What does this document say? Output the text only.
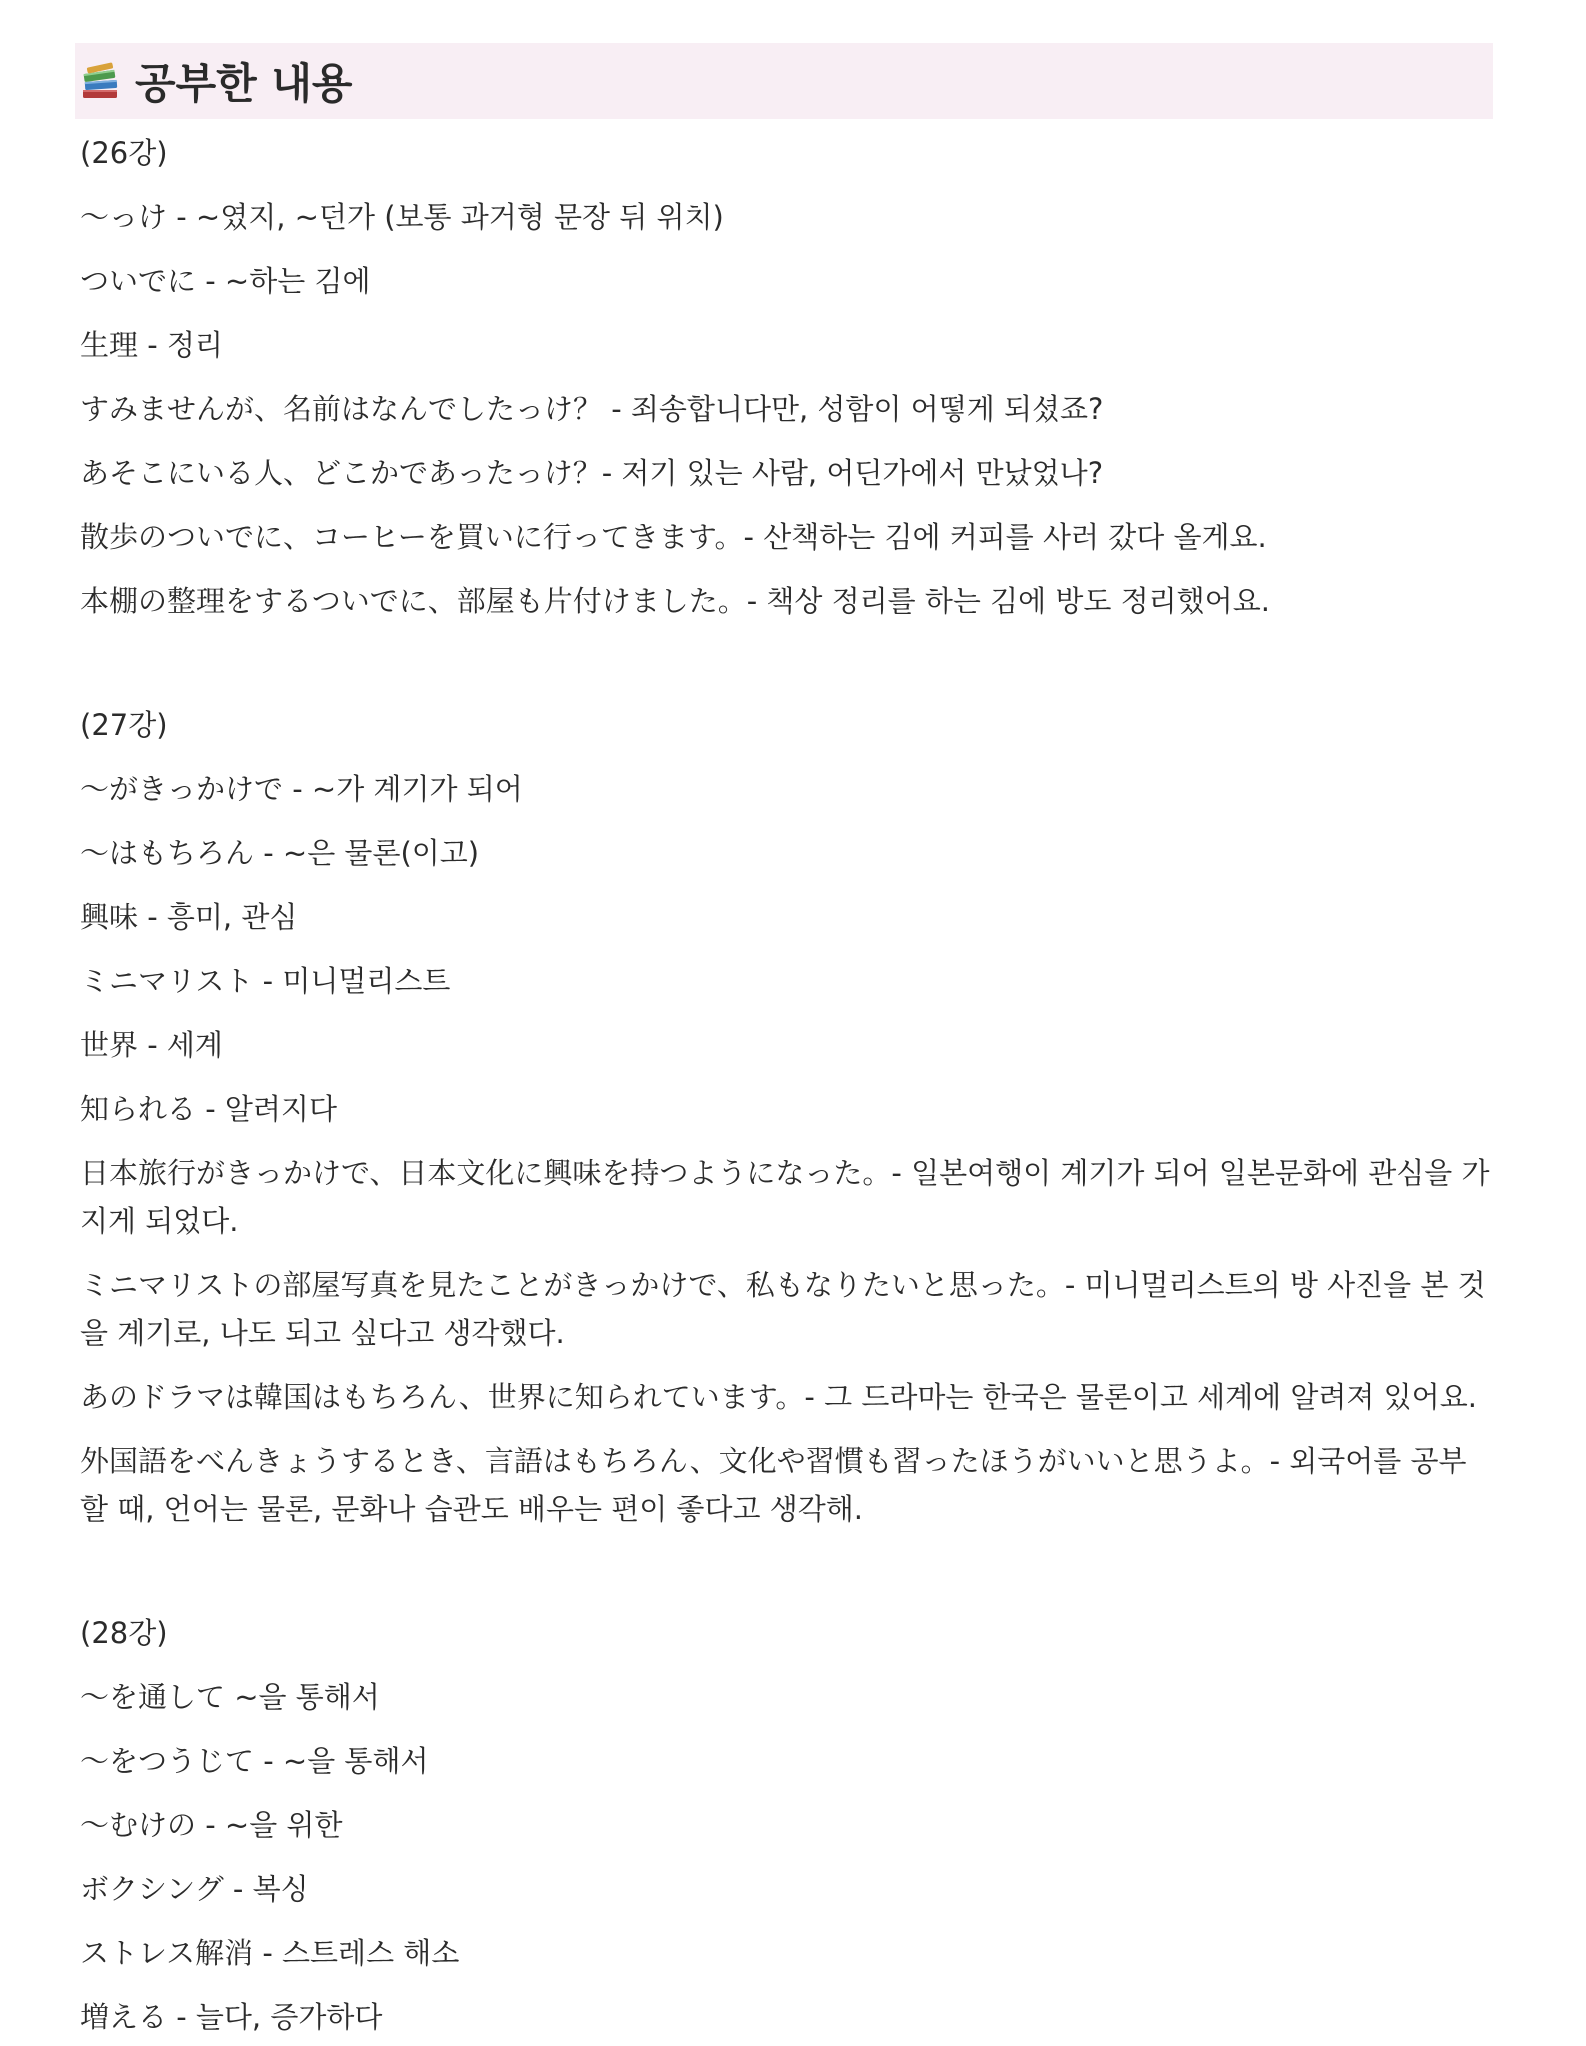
공부한 내용
(26강)
～っけ - ~였지, ~던가 (보통 과거형 문장 뒤 위치)
ついでに - ~하는 김에
生理 - 정리
すみませんが、名前はなんでしたっけ？ - 죄송합니다만, 성함이 어떻게 되셨죠?
あそこにいる人、どこかであったっけ？- 저기 있는 사람, 어딘가에서 만났었나?
散歩のついでに、コーヒーを買いに行ってきます。- 산책하는 김에 커피를 사러 갔다 올게요.
本棚の整理をするついでに、部屋も片付けました。- 책상 정리를 하는 김에 방도 정리했어요.
(27강)
～がきっかけで - ~가 계기가 되어
～はもちろん - ~은 물론(이고)
興味 - 흥미, 관심
ミニマリスト - 미니멀리스트
世界 - 세계
知られる - 알려지다
日本旅行がきっかけで、日本文化に興味を持つようになった。- 일본여행이 계기가 되어 일본문화에 관심을 가지게 되었다.
ミニマリストの部屋写真を見たことがきっかけで、私もなりたいと思った。- 미니멀리스트의 방 사진을 본 것을 계기로, 나도 되고 싶다고 생각했다.
あのドラマは韓国はもちろん、世界に知られています。- 그 드라마는 한국은 물론이고 세계에 알려져 있어요.
外国語をべんきょうするとき、言語はもちろん、文化や習慣も習ったほうがいいと思うよ。- 외국어를 공부할 때, 언어는 물론, 문화나 습관도 배우는 편이 좋다고 생각해.
(28강)
～を通して ~을 통해서
～をつうじて - ~을 통해서
～むけの - ~을 위한
ボクシング - 복싱
ストレス解消 - 스트레스 해소
増える - 늘다, 증가하다
